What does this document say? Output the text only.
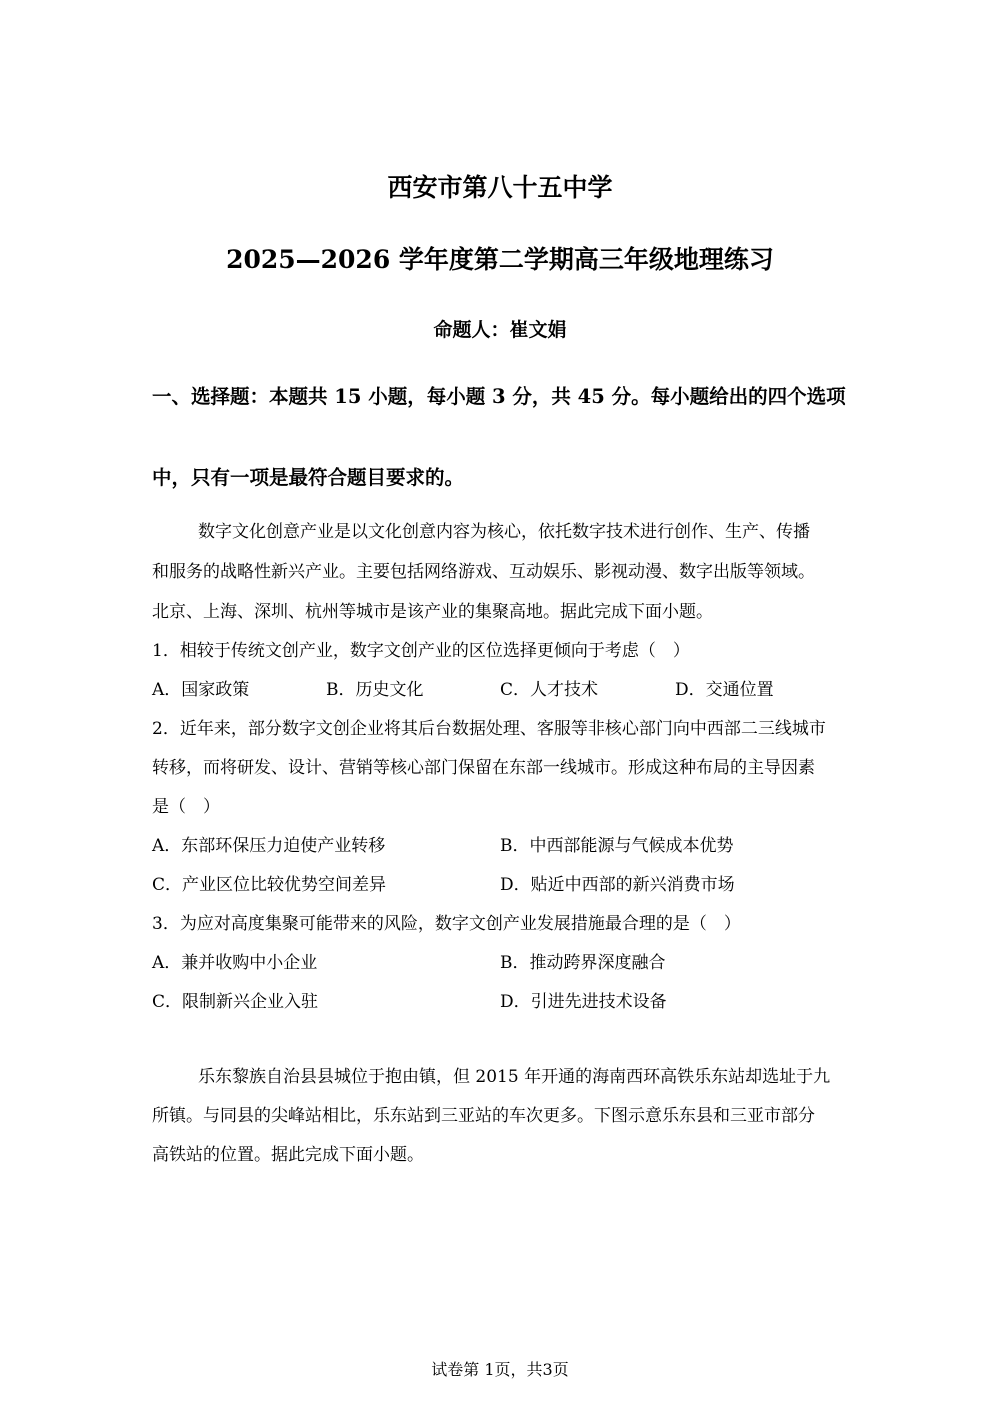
西安市第八十五中学
2025—2026 学年度第二学期高三年级地理练习
命题人：崔文娟
一、选择题：本题共 15 小题，每小题 3 分，共 45 分。每小题给出的四个选项
中，只有一项是最符合题目要求的。
数字文化创意产业是以文化创意内容为核心，依托数字技术进行创作、生产、传播
和服务的战略性新兴产业。主要包括网络游戏、互动娱乐、影视动漫、数字出版等领域。
北京、上海、深圳、杭州等城市是该产业的集聚高地。据此完成下面小题。
1．相较于传统文创产业，数字文创产业的区位选择更倾向于考虑（　）
A．国家政策	B．历史文化	C．人才技术	D．交通位置
2．近年来，部分数字文创企业将其后台数据处理、客服等非核心部门向中西部二三线城市
转移，而将研发、设计、营销等核心部门保留在东部一线城市。形成这种布局的主导因素
是（　）
A．东部环保压力迫使产业转移	B．中西部能源与气候成本优势
C．产业区位比较优势空间差异	D．贴近中西部的新兴消费市场
3．为应对高度集聚可能带来的风险，数字文创产业发展措施最合理的是（　）
A．兼并收购中小企业	B．推动跨界深度融合
C．限制新兴企业入驻	D．引进先进技术设备
乐东黎族自治县县城位于抱由镇，但 2015 年开通的海南西环高铁乐东站却选址于九
所镇。与同县的尖峰站相比，乐东站到三亚站的车次更多。下图示意乐东县和三亚市部分
高铁站的位置。据此完成下面小题。
试卷第 1页，共3页
